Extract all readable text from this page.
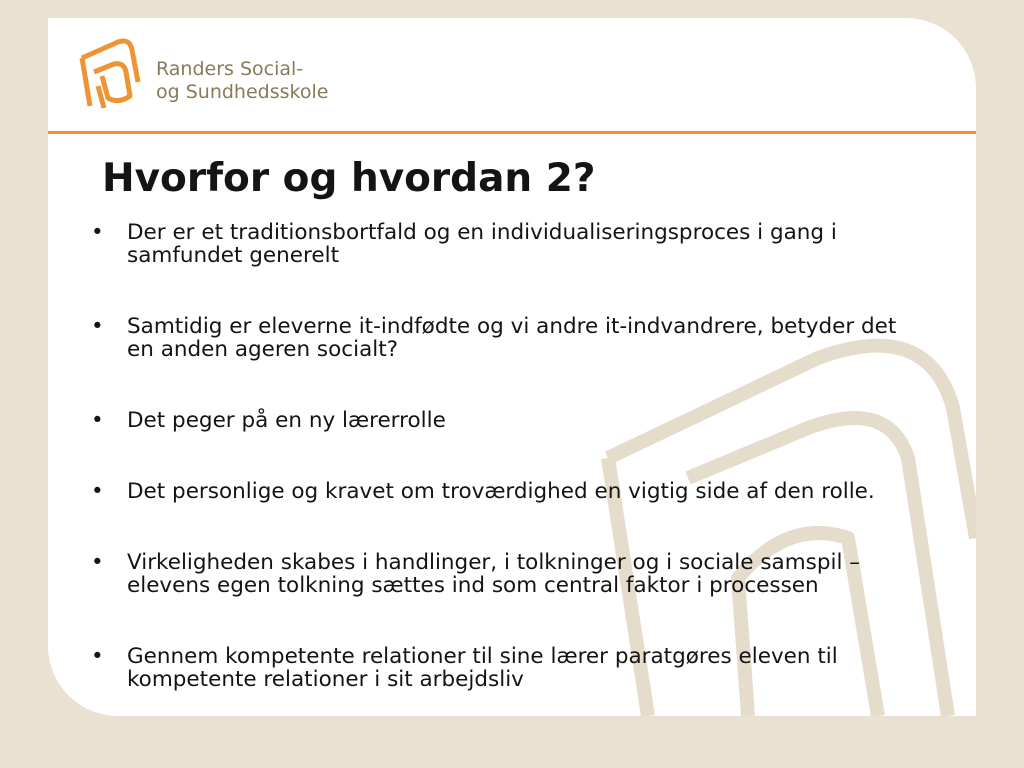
Randers Social-
og Sundhedsskole
Hvorfor og hvordan 2?
• Der er et traditionsbortfald og en individualiseringsproces i gang i samfundet generelt
• Samtidig er eleverne it-indfødte og vi andre it-indvandrere, betyder det en anden ageren socialt?
• Det peger på en ny lærerrolle
• Det personlige og kravet om troværdighed en vigtig side af den rolle.
• Virkeligheden skabes i handlinger, i tolkninger og i sociale samspil – elevens egen tolkning sættes ind som central faktor i processen
• Gennem kompetente relationer til sine lærer paratgøres eleven til kompetente relationer i sit arbejdsliv
